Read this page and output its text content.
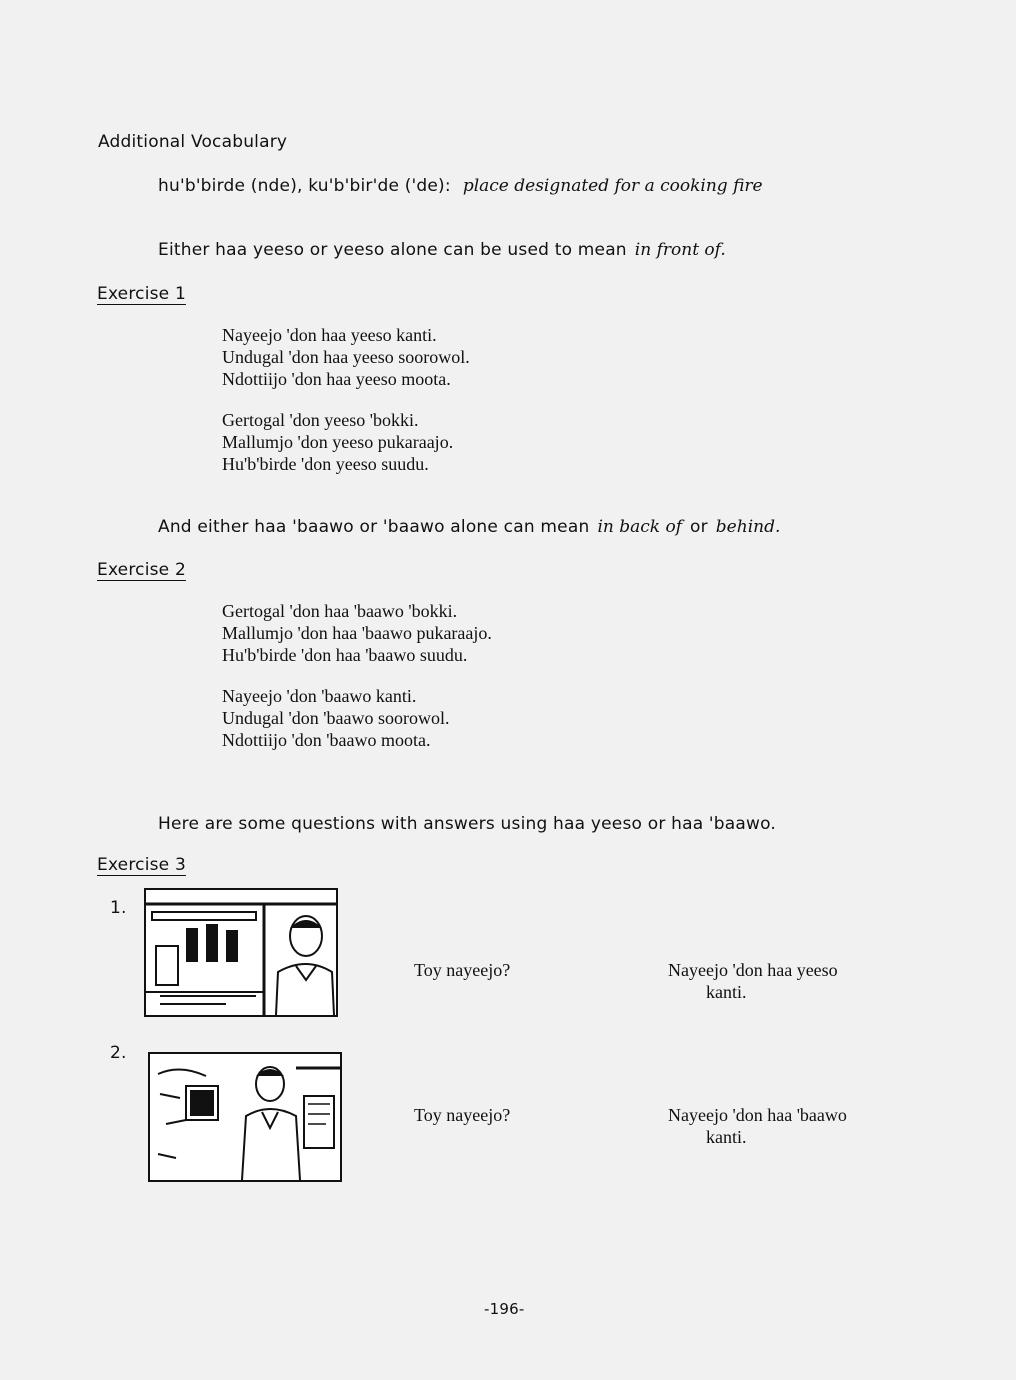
Additional Vocabulary

hu'b'birde (nde), ku'b'bir'de ('de): place designated for a cooking fire

Either haa yeeso or yeeso alone can be used to mean in front of.

Exercise 1

Nayeejo 'don haa yeeso kanti.
Undugal 'don haa yeeso soorowol.
Ndottiijo 'don haa yeeso moota.
Gertogal 'don yeeso 'bokki.
Mallumjo 'don yeeso pukaraajo.
Hu'b'birde 'don yeeso suudu.

And either haa 'baawo or 'baawo alone can mean in back of or behind.

Exercise 2

Gertogal 'don haa 'baawo 'bokki.
Mallumjo 'don haa 'baawo pukaraajo.
Hu'b'birde 'don haa 'baawo suudu.
Nayeejo 'don 'baawo kanti.
Undugal 'don 'baawo soorowol.
Ndottiijo 'don 'baawo moota.

Here are some questions with answers using haa yeeso or haa 'baawo.

Exercise 3

1.

Toy nayeejo?	Nayeejo 'don haa yeeso

kanti.

2.

Toy nayeejo?	Nayeejo 'don haa 'baawo

kanti.

-196-
